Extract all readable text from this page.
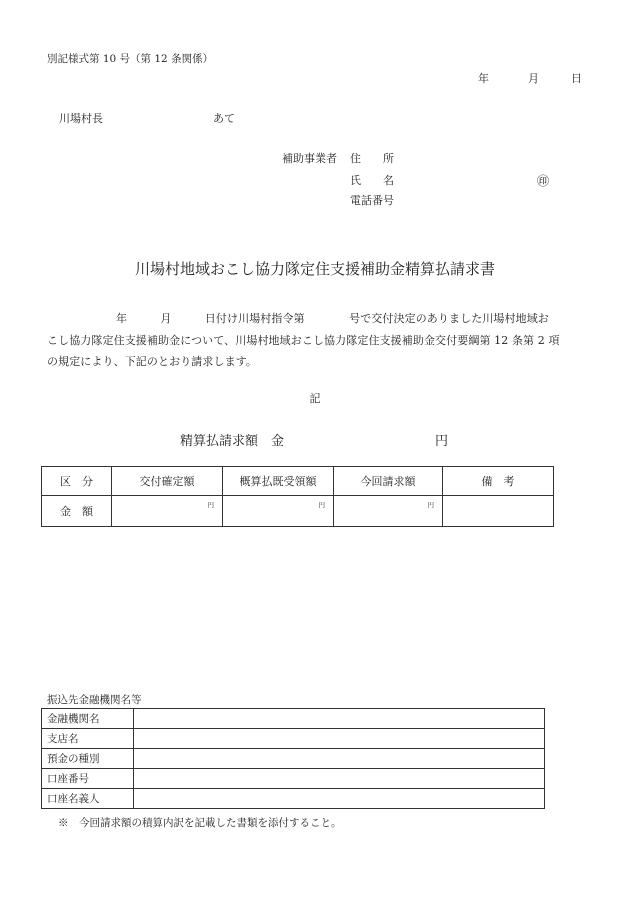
別記様式第 10 号（第 12 条関係）
年	月	日
川場村長	あて
補助事業者 住　　所
氏　　名	㊞
電話番号
川場村地域おこし協力隊定住支援補助金精算払請求書
年　　　月　　　日付け川場村指令第　　　　号で交付決定のありました川場村地域お
こし協力隊定住支援補助金について、川場村地域おこし協力隊定住支援補助金交付要綱第 12 条第 2 項
の規定により、下記のとおり請求します。
記
精算払請求額　金	円
区　分	交付確定額	概算払既受領額	今回請求額	備　考
金　額	円	円	円	
振込先金融機関名等
金融機関名	
支店名	
預金の種別	
口座番号	
口座名義人	
※　今回請求額の積算内訳を記載した書類を添付すること。
